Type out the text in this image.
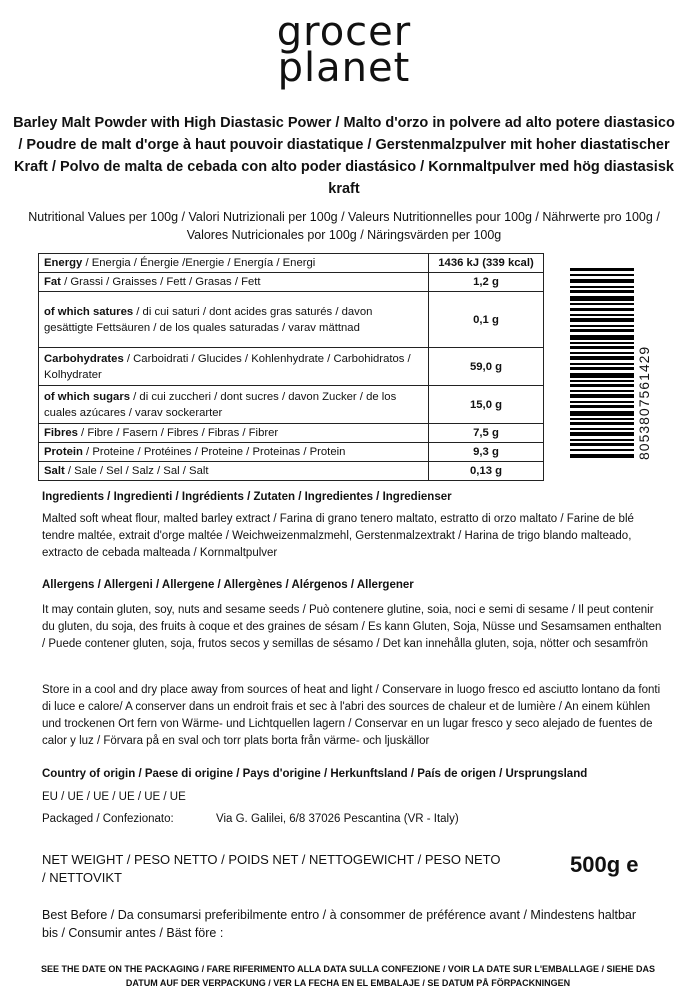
grocer
planet
Barley Malt Powder with High Diastasic Power / Malto d'orzo in polvere ad alto potere diastasico / Poudre de malt d'orge à haut pouvoir diastatique / Gerstenmalzpulver mit hoher diastatischer Kraft / Polvo de malta de cebada con alto poder diastásico / Kornmaltpulver med hög diastasisk kraft
Nutritional Values per 100g / Valori Nutrizionali per 100g / Valeurs Nutritionnelles pour 100g / Nährwerte pro 100g / Valores Nutricionales por 100g / Näringsvärden per 100g
Energy / Energia / Énergie /Energie / Energía / Energi	1436 kJ (339 kcal)
Fat / Grassi / Graisses / Fett / Grasas / Fett	1,2 g
of which satures / di cui saturi / dont acides gras saturés / davon gesättigte Fettsäuren / de los quales saturadas / varav mättnad	0,1 g
Carbohydrates / Carboidrati / Glucides / Kohlenhydrate / Carbohidratos / Kolhydrater	59,0 g
of which sugars / di cui zuccheri / dont sucres / davon Zucker / de los cuales azúcares / varav sockerarter	15,0 g
Fibres / Fibre / Fasern / Fibres / Fibras / Fibrer	7,5 g
Protein / Proteine / Protéines / Proteine / Proteinas / Protein	9,3 g
Salt / Sale / Sel / Salz / Sal / Salt	0,13 g
8053807561429
Ingredients / Ingredienti / Ingrédients / Zutaten / Ingredientes / Ingredienser
Malted soft wheat flour, malted barley extract / Farina di grano tenero maltato, estratto di orzo maltato / Farine de blé tendre maltée, extrait d'orge maltée / Weichweizenmalzmehl, Gerstenmalzextrakt / Harina de trigo blando malteado, extracto de cebada malteada / Kornmaltpulver
Allergens / Allergeni / Allergene / Allergènes / Alérgenos / Allergener
It may contain gluten, soy, nuts and sesame seeds / Può contenere glutine, soia, noci e semi di sesame / Il peut contenir du gluten, du soja, des fruits à coque et des graines de sésam / Es kann Gluten, Soja, Nüsse und Sesamsamen enthalten / Puede contener gluten, soja, frutos secos y semillas de sésamo / Det kan innehålla gluten, soja, nötter och sesamfrön
Store in a cool and dry place away from sources of heat and light / Conservare in luogo fresco ed asciutto lontano da fonti di luce e calore/ A conserver dans un endroit frais et sec à l'abri des sources de chaleur et de lumière / An einem kühlen und trockenen Ort fern von Wärme- und Lichtquellen lagern / Conservar en un lugar fresco y seco alejado de fuentes de calor y luz / Förvara på en sval och torr plats borta från värme- och ljuskällor
Country of origin / Paese di origine / Pays d'origine / Herkunftsland / País de origen / Ursprungsland
EU / UE / UE / UE / UE / UE
Packaged / Confezionato:	Via G. Galilei, 6/8 37026 Pescantina (VR - Italy)
NET WEIGHT / PESO NETTO / POIDS NET / NETTOGEWICHT / PESO NETO / NETTOVIKT
500g e
Best Before / Da consumarsi preferibilmente entro / à consommer de préférence avant / Mindestens haltbar bis / Consumir antes / Bäst före :
SEE THE DATE ON THE PACKAGING / FARE RIFERIMENTO ALLA DATA SULLA CONFEZIONE / VOIR LA DATE SUR L'EMBALLAGE / SIEHE DAS DATUM AUF DER VERPACKUNG / VER LA FECHA EN EL EMBALAJE / SE DATUM PÅ FÖRPACKNINGEN
